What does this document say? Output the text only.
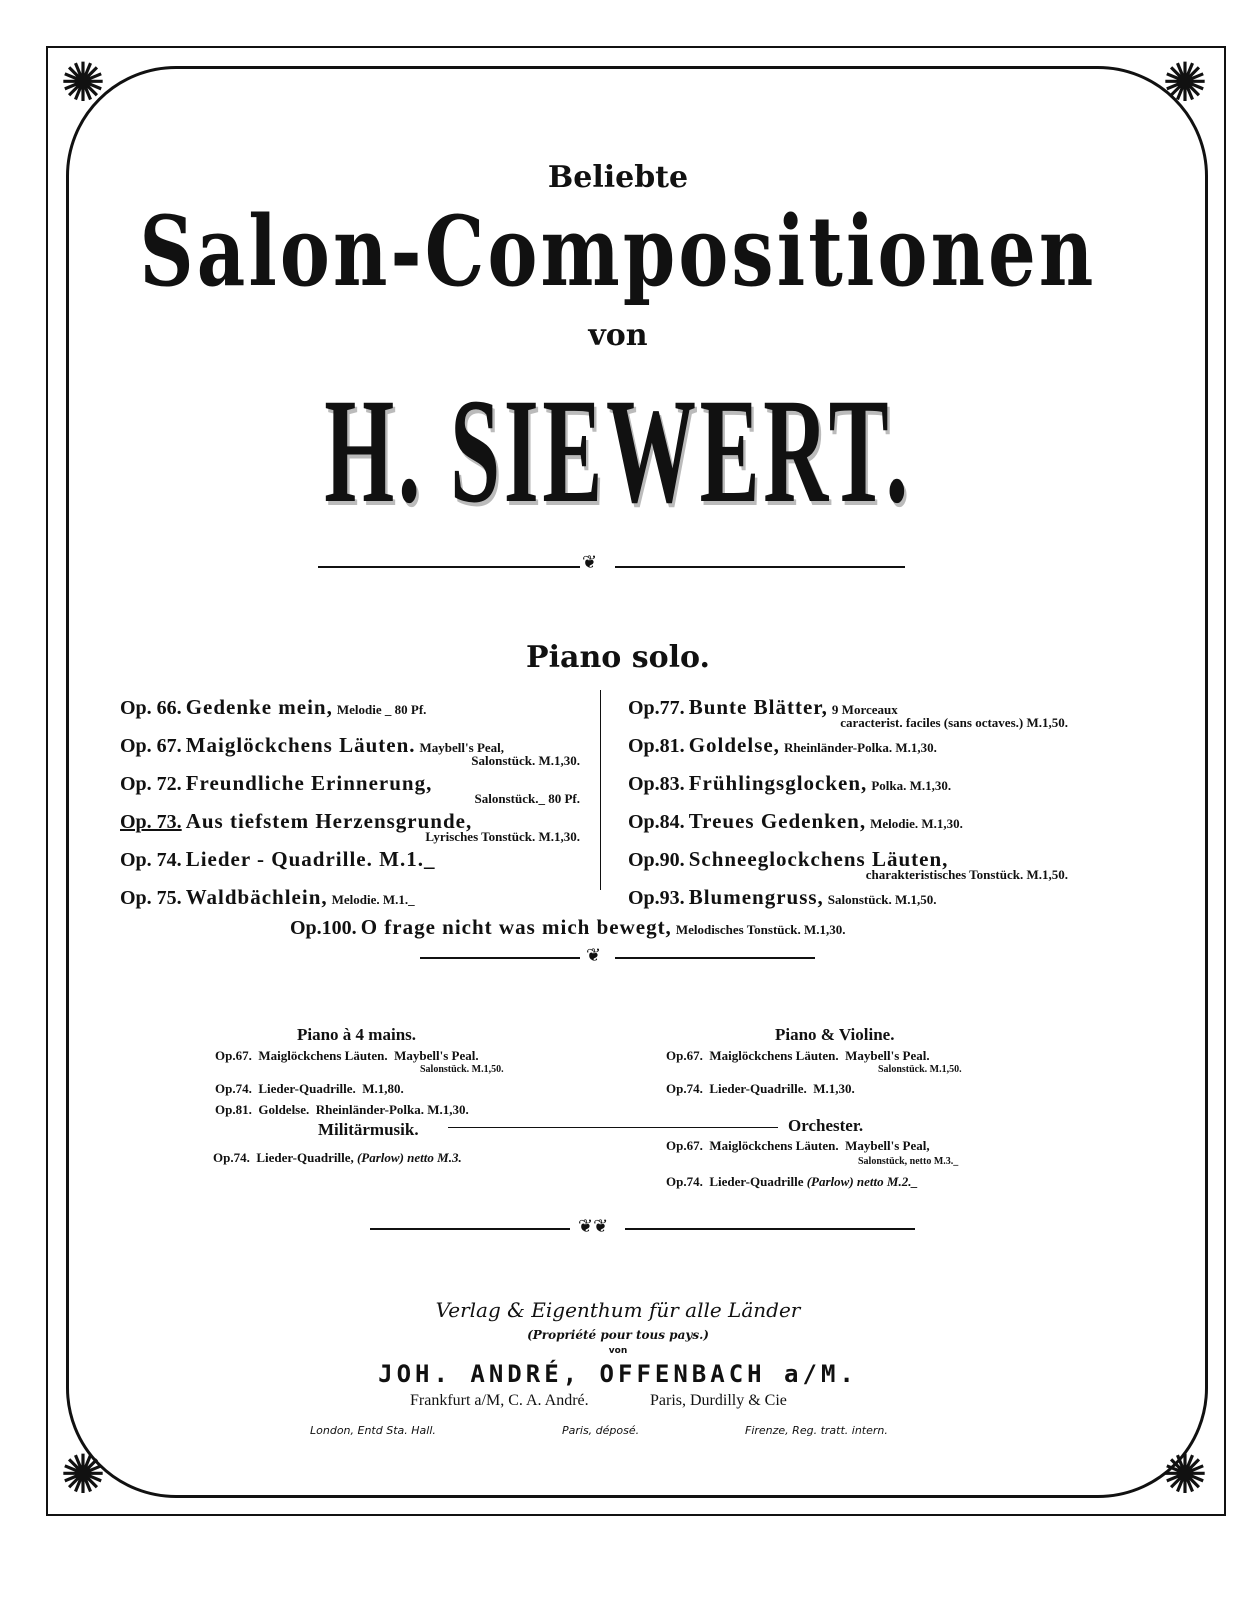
✺	✺
✺	✺
Beliebte
Salon-Compositionen
von
H. SIEWERT.
❦
Piano solo.
Op. 66. Gedenke mein, Melodie _ 80 Pf.
Op. 67. Maiglöckchens Läuten. Maybell's Peal,
Salonstück. M.1,30.
Op. 72. Freundliche Erinnerung,
Salonstück._ 80 Pf.
Op. 73. Aus tiefstem Herzensgrunde,
Lyrisches Tonstück. M.1,30.
Op. 74. Lieder - Quadrille. M.1._
Op. 75. Waldbächlein, Melodie. M.1._
Op.77. Bunte Blätter, 9 Morceaux
caracterist. faciles (sans octaves.) M.1,50.
Op.81. Goldelse, Rheinländer-Polka. M.1,30.
Op.83. Frühlingsglocken, Polka. M.1,30.
Op.84. Treues Gedenken, Melodie. M.1,30.
Op.90. Schneeglockchens Läuten,
charakteristisches Tonstück. M.1,50.
Op.93. Blumengruss, Salonstück. M.1,50.
Op.100. O frage nicht was mich bewegt, Melodisches Tonstück. M.1,30.
❦
Piano à 4 mains.
Op.67. Maiglöckchens Läuten. Maybell's Peal.
Salonstück. M.1,50.
Op.74. Lieder-Quadrille. M.1,80.
Op.81. Goldelse. Rheinländer-Polka. M.1,30.
Piano & Violine.
Op.67. Maiglöckchens Läuten. Maybell's Peal.
Salonstück. M.1,50.
Op.74. Lieder-Quadrille. M.1,30.
Militärmusik.
Op.74. Lieder-Quadrille, (Parlow) netto M.3.
Orchester.
Op.67. Maiglöckchens Läuten. Maybell's Peal,
Salonstück, netto M.3._
Op.74. Lieder-Quadrille (Parlow) netto M.2._
❦❦
Verlag & Eigenthum für alle Länder
(Propriété pour tous pays.)
von
JOH. ANDRÉ, OFFENBACH a/M.
Frankfurt a/M, C. A. André.	Paris, Durdilly & Cie
London, Entd Sta. Hall.	Paris, déposé.	Firenze, Reg. tratt. intern.
